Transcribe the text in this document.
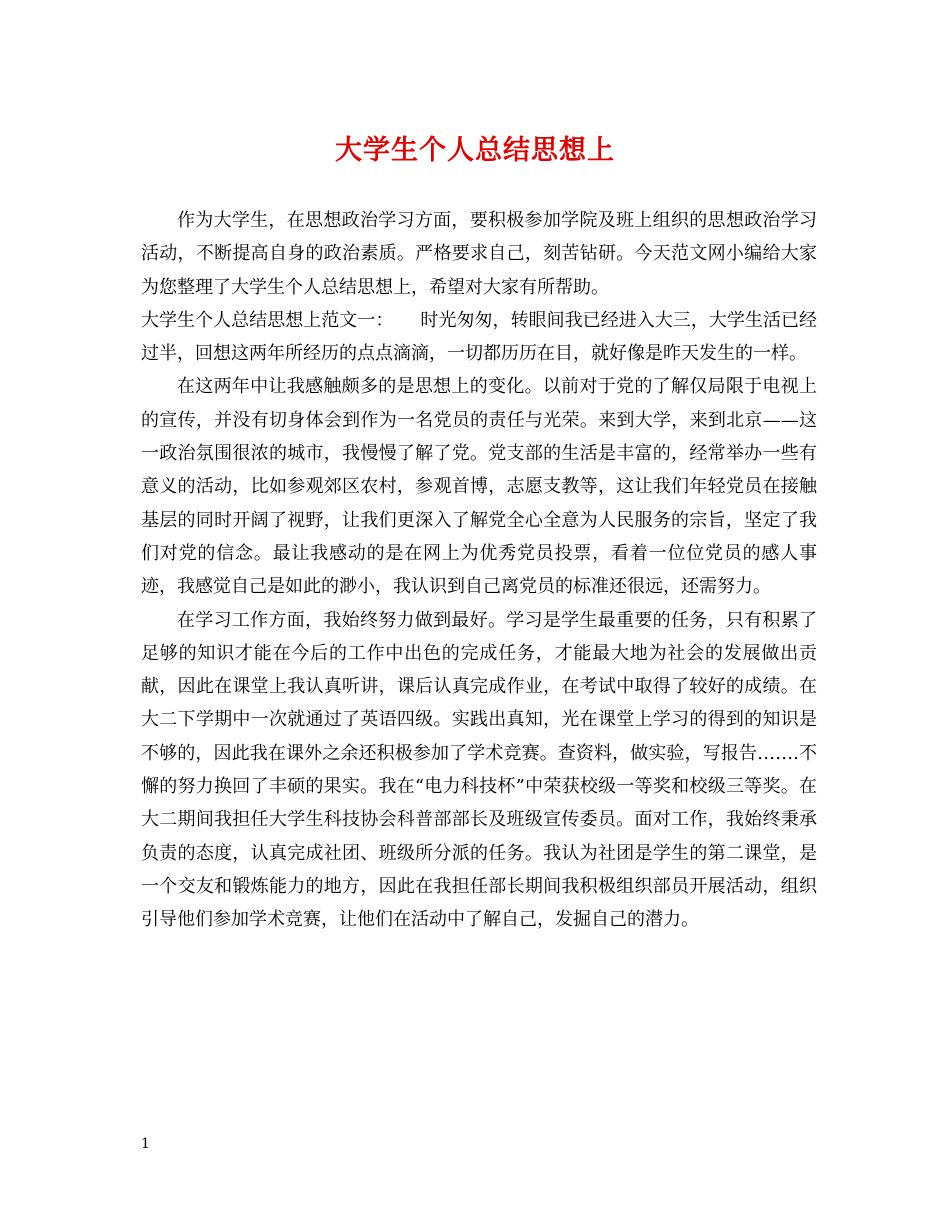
大学生个人总结思想上

作为大学生，在思想政治学习方面，要积极参加学院及班上组织的思想政治学习活动，不断提高自身的政治素质。严格要求自己，刻苦钻研。今天范文网小编给大家为您整理了大学生个人总结思想上，希望对大家有所帮助。

大学生个人总结思想上范文一：　　时光匆匆，转眼间我已经进入大三，大学生活已经过半，回想这两年所经历的点点滴滴，一切都历历在目，就好像是昨天发生的一样。

在这两年中让我感触颇多的是思想上的变化。以前对于党的了解仅局限于电视上的宣传，并没有切身体会到作为一名党员的责任与光荣。来到大学，来到北京——这一政治氛围很浓的城市，我慢慢了解了党。党支部的生活是丰富的，经常举办一些有意义的活动，比如参观郊区农村，参观首博，志愿支教等，这让我们年轻党员在接触基层的同时开阔了视野，让我们更深入了解党全心全意为人民服务的宗旨，坚定了我们对党的信念。最让我感动的是在网上为优秀党员投票，看着一位位党员的感人事迹，我感觉自己是如此的渺小，我认识到自己离党员的标准还很远，还需努力。

在学习工作方面，我始终努力做到最好。学习是学生最重要的任务，只有积累了足够的知识才能在今后的工作中出色的完成任务，才能最大地为社会的发展做出贡献，因此在课堂上我认真听讲，课后认真完成作业，在考试中取得了较好的成绩。在大二下学期中一次就通过了英语四级。实践出真知，光在课堂上学习的得到的知识是不够的，因此我在课外之余还积极参加了学术竞赛。查资料，做实验，写报告…….不懈的努力换回了丰硕的果实。我在“电力科技杯”中荣获校级一等奖和校级三等奖。在大二期间我担任大学生科技协会科普部部长及班级宣传委员。面对工作，我始终秉承负责的态度，认真完成社团、班级所分派的任务。我认为社团是学生的第二课堂，是一个交友和锻炼能力的地方，因此在我担任部长期间我积极组织部员开展活动，组织引导他们参加学术竞赛，让他们在活动中了解自己，发掘自己的潜力。

1
